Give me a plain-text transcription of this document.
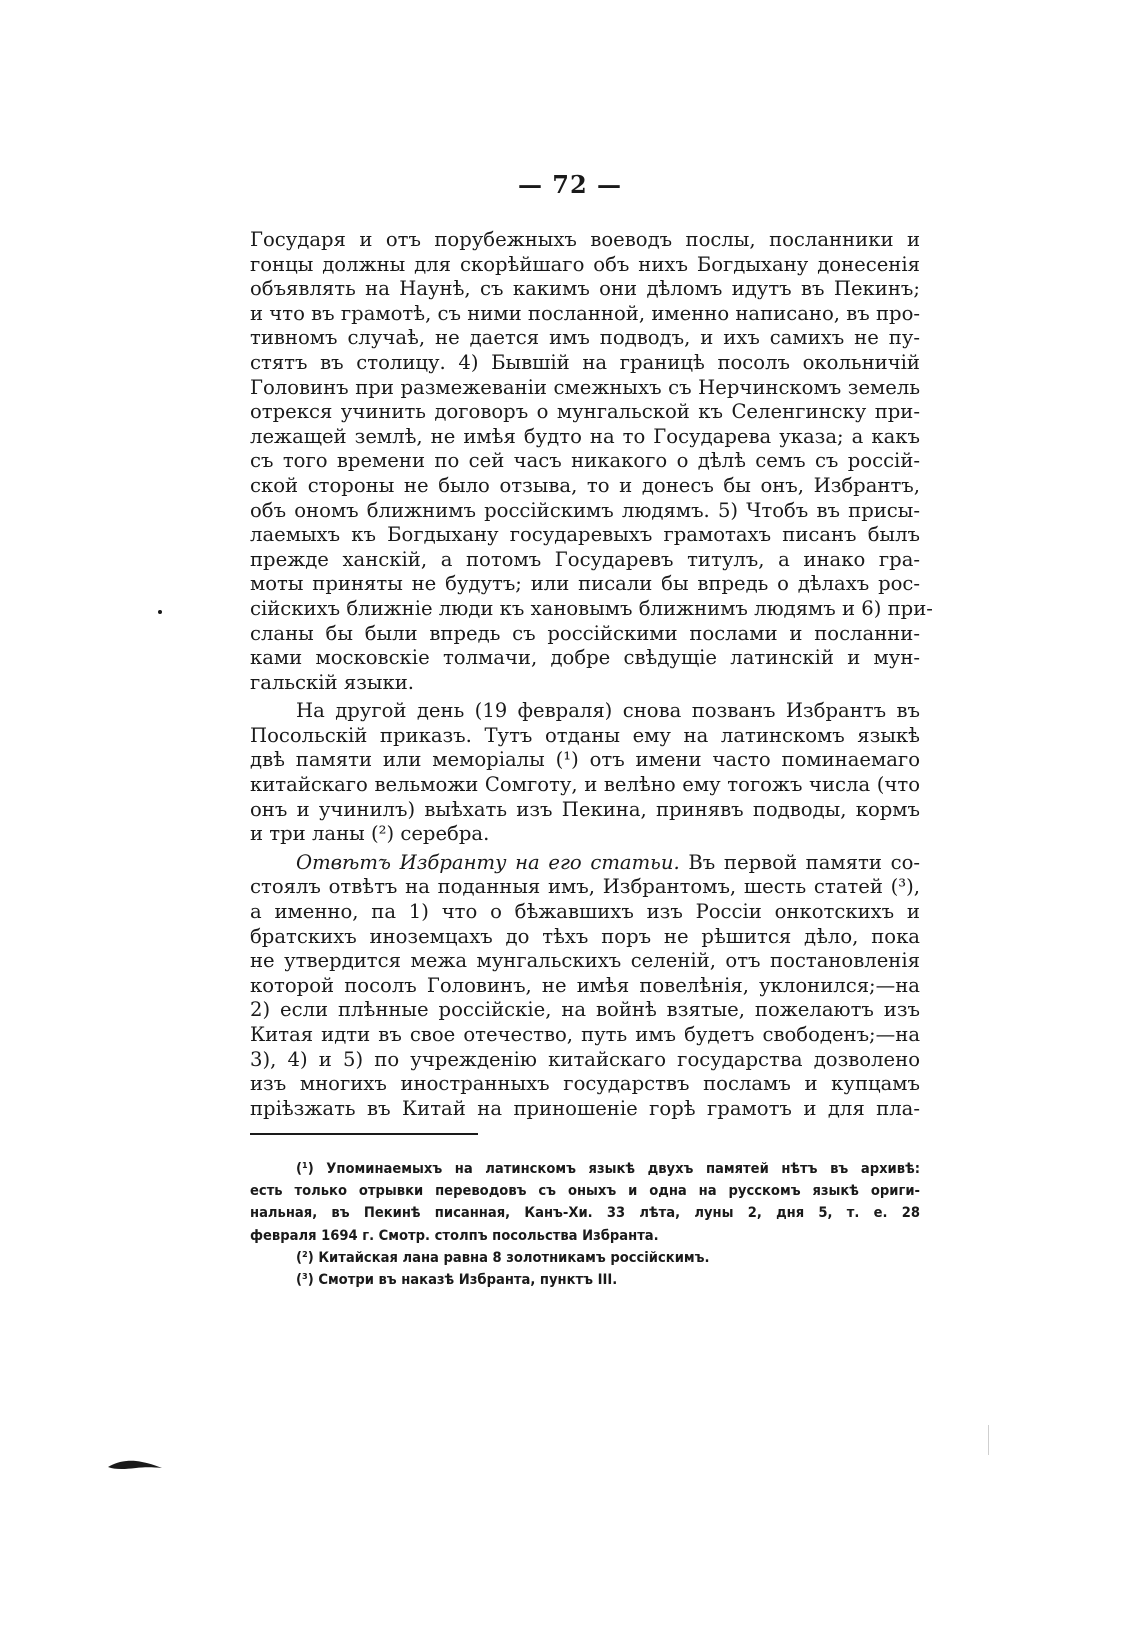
— 72 —
Государя и отъ порубежныхъ воеводъ послы, посланники и
гонцы должны для скорѣйшаго объ нихъ Богдыхану донесенія
объявлять на Наунѣ, съ какимъ они дѣломъ идутъ въ Пекинъ;
и что въ грамотѣ, съ ними посланной, именно написано, въ про-
тивномъ случаѣ, не дается имъ подводъ, и ихъ самихъ не пу-
стятъ въ столицу. 4) Бывшій на границѣ посолъ окольничій
Головинъ при размежеваніи смежныхъ съ Нерчинскомъ земель
отрекся учинить договоръ о мунгальской къ Селенгинску при-
лежащей землѣ, не имѣя будто на то Государева указа; а какъ
съ того времени по сей часъ никакого о дѣлѣ семъ съ россій-
ской стороны не было отзыва, то и донесъ бы онъ, Избрантъ,
объ ономъ ближнимъ россійскимъ людямъ. 5) Чтобъ въ присы-
лаемыхъ къ Богдыхану государевыхъ грамотахъ писанъ былъ
прежде ханскій, а потомъ Государевъ титулъ, а инако гра-
моты приняты не будутъ; или писали бы впредь о дѣлахъ рос-
сійскихъ ближніе люди къ хановымъ ближнимъ людямъ и 6) при-
сланы бы были впредь съ россійскими послами и посланни-
ками московскіе толмачи, добре свѣдущіе латинскій и мун-
гальскій языки.
На другой день (19 февраля) снова позванъ Избрантъ въ
Посольскій приказъ. Тутъ отданы ему на латинскомъ языкѣ
двѣ памяти или меморіалы (¹) отъ имени часто поминаемаго
китайскаго вельможи Сомготу, и велѣно ему тогожъ числа (что
онъ и учинилъ) выѣхать изъ Пекина, принявъ подводы, кормъ
и три ланы (²) серебра.
Отвѣтъ Избранту на его статьи. Въ первой памяти со-
стоялъ отвѣтъ на поданныя имъ, Избрантомъ, шесть статей (³),
а именно, па 1) что о бѣжавшихъ изъ Россіи онкотскихъ и
братскихъ иноземцахъ до тѣхъ поръ не рѣшится дѣло, пока
не утвердится межа мунгальскихъ селеній, отъ постановленія
которой посолъ Головинъ, не имѣя повелѣнія, уклонился;—на
2) если плѣнные россійскіе, на войнѣ взятые, пожелаютъ изъ
Китая идти въ свое отечество, путь имъ будетъ свободенъ;—на
3), 4) и 5) по учрежденію китайскаго государства дозволено
изъ многихъ иностранныхъ государствъ посламъ и купцамъ
пріѣзжать въ Китай на приношеніе горѣ грамотъ и для пла-
(¹) Упоминаемыхъ на латинскомъ языкѣ двухъ памятей нѣтъ въ архивѣ:
есть только отрывки переводовъ съ оныхъ и одна на русскомъ языкѣ ориги-
нальная, въ Пекинѣ писанная, Канъ-Хи. 33 лѣта, луны 2, дня 5, т. е. 28
февраля 1694 г. Смотр. столпъ посольства Избранта.
(²) Китайская лана равна 8 золотникамъ россійскимъ.
(³) Смотри въ наказѣ Избранта, пунктъ III.
